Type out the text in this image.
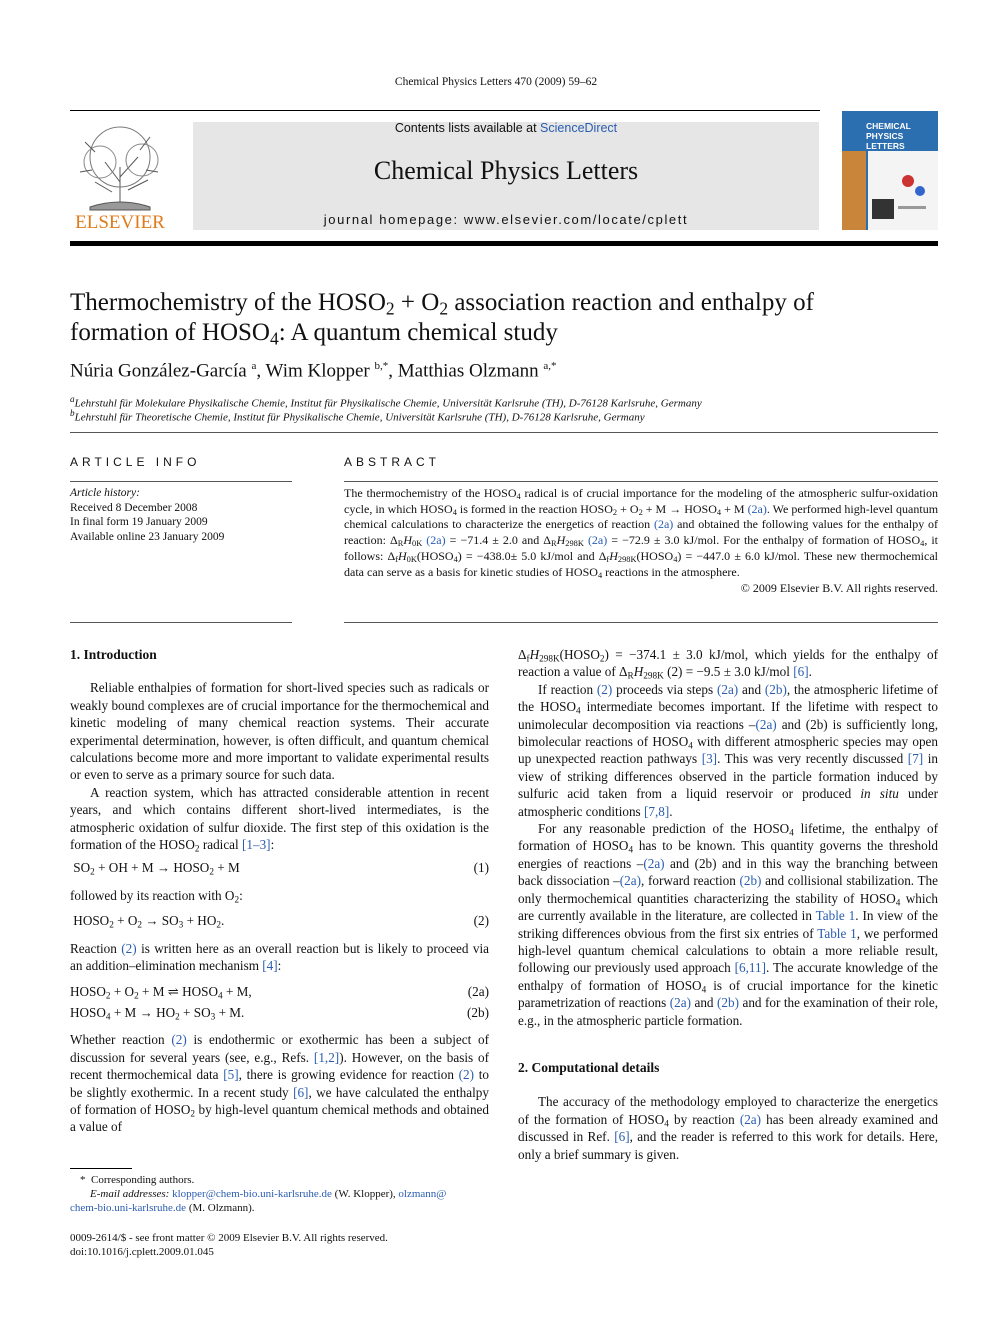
Chemical Physics Letters 470 (2009) 59–62
ELSEVIER
Contents lists available at ScienceDirect
Chemical Physics Letters
journal homepage: www.elsevier.com/locate/cplett
CHEMICAL
PHYSICS
LETTERS
Thermochemistry of the $HOSO_2 + O_2$ association reaction and enthalpy of
formation of $HOSO_4$: A quantum chemical study
Núria González-García $^a$, Wim Klopper $^{b,*}$, Matthias Olzmann $^{a,*}$
$^a$Lehrstuhl für Molekulare Physikalische Chemie, Institut für Physikalische Chemie, Universität Karlsruhe (TH), D-76128 Karlsruhe, Germany
$^b$Lehrstuhl für Theoretische Chemie, Institut für Physikalische Chemie, Universität Karlsruhe (TH), D-76128 Karlsruhe, Germany
ARTICLE INFO
Article history:
Received 8 December 2008
In final form 19 January 2009
Available online 23 January 2009
ABSTRACT
The thermochemistry of the $HOSO_4$ radical is of crucial importance for the modeling of the atmospheric sulfur-oxidation cycle, in which $HOSO_4$ is formed in the reaction $HOSO_2 + O_2 + M$ → $HOSO_4 + M$ (2a). We performed high-level quantum chemical calculations to characterize the energetics of reaction (2a) and obtained the following values for the enthalpy of reaction: $\Delta_RH_{0K}$ (2a) = −71.4 ± 2.0 and $\Delta_RH_{298K}$ (2a) = −72.9 ± 3.0 kJ/mol. For the enthalpy of formation of $HOSO_4$, it follows: $\Delta_fH_{0K}(HOSO_4) = -438.0\pm 5.0$ kJ/mol and $\Delta_fH_{298K}(HOSO_4) = -447.0 \pm 6.0$ kJ/mol. These new thermochemical data can serve as a basis for kinetic studies of $HOSO_4$ reactions in the atmosphere.
© 2009 Elsevier B.V. All rights reserved.
1. Introduction

Reliable enthalpies of formation for short-lived species such as radicals or weakly bound complexes are of crucial importance for the thermochemical and kinetic modeling of many chemical reaction systems. Their accurate experimental determination, however, is often difficult, and quantum chemical calculations become more and more important to validate experimental results or even to serve as a primary source for such data.

A reaction system, which has attracted considerable attention in recent years, and which contains different short-lived intermediates, is the atmospheric oxidation of sulfur dioxide. The first step of this oxidation is the formation of the $HOSO_2$ radical [1–3]:

$SO_2$ + OH + $M \to HOSO_2 + M$	(1)
followed by its reaction with $O_2$:
$HOSO_2 + O_2 \to SO_3 + HO_2$.	(2)
Reaction (2) is written here as an overall reaction but is likely to proceed via an addition–elimination mechanism [4]:
$HOSO_2 + O_2 + M$ ⇌ $HOSO_4 + M$,	(2a)
$HOSO_4 + M \to HO_2 + SO_3 + M$.	(2b)
Whether reaction (2) is endothermic or exothermic has been a subject of discussion for several years (see, e.g., Refs. [1,2]). However, on the basis of recent thermochemical data [5], there is growing evidence for reaction (2) to be slightly exothermic. In a recent study [6], we have calculated the enthalpy of formation of $HOSO_2$ by high-level quantum chemical methods and obtained a value of
* Corresponding authors.
E-mail addresses: klopper@chem-bio.uni-karlsruhe.de (W. Klopper), olzmann@
chem-bio.uni-karlsruhe.de (M. Olzmann).
0009-2614/$ - see front matter © 2009 Elsevier B.V. All rights reserved.
doi:10.1016/j.cplett.2009.01.045
$\Delta_fH_{298K}(HOSO_2) = -374.1 \pm 3.0$ kJ/mol, which yields for the enthalpy of reaction a value of $\Delta_RH_{298K}$ (2) = −9.5 ± 3.0 kJ/mol [6].

If reaction (2) proceeds via steps (2a) and (2b), the atmospheric lifetime of the $HOSO_4$ intermediate becomes important. If the lifetime with respect to unimolecular decomposition via reactions –(2a) and (2b) is sufficiently long, bimolecular reactions of $HOSO_4$ with different atmospheric species may open up unexpected reaction pathways [3]. This was very recently discussed [7] in view of striking differences observed in the particle formation induced by sulfuric acid taken from a liquid reservoir or produced in situ under atmospheric conditions [7,8].

For any reasonable prediction of the $HOSO_4$ lifetime, the enthalpy of formation of $HOSO_4$ has to be known. This quantity governs the threshold energies of reactions –(2a) and (2b) and in this way the branching between back dissociation –(2a), forward reaction (2b) and collisional stabilization. The only thermochemical quantities characterizing the stability of $HOSO_4$ which are currently available in the literature, are collected in Table 1. In view of the striking differences obvious from the first six entries of Table 1, we performed high-level quantum chemical calculations to obtain a more reliable result, following our previously used approach [6,11]. The accurate knowledge of the enthalpy of formation of $HOSO_4$ is of crucial importance for the kinetic parametrization of reactions (2a) and (2b) and for the examination of their role, e.g., in the atmospheric particle formation.

2. Computational details

The accuracy of the methodology employed to characterize the energetics of the formation of $HOSO_4$ by reaction (2a) has been already examined and discussed in Ref. [6], and the reader is referred to this work for details. Here, only a brief summary is given.
